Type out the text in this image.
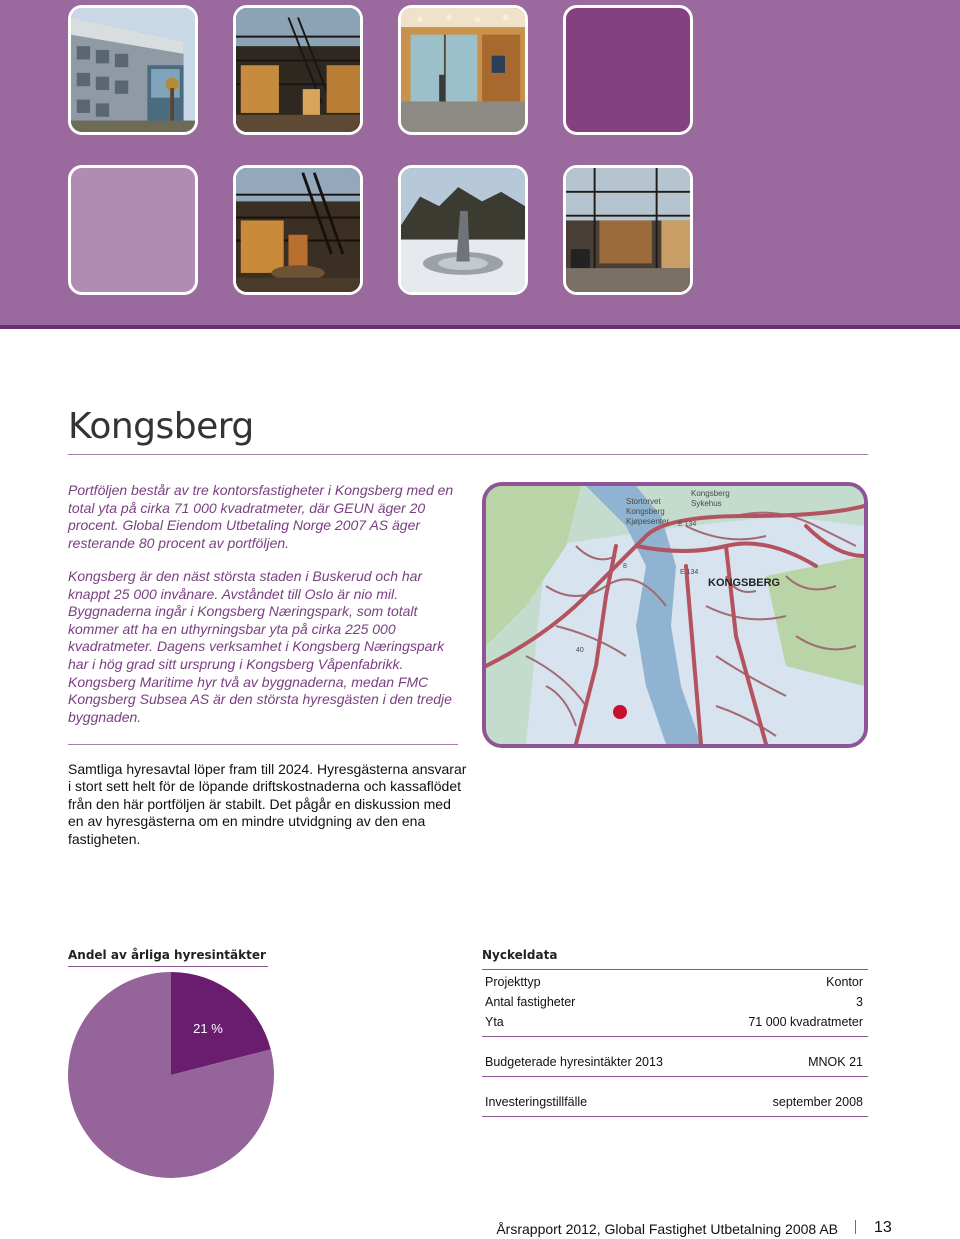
Kongsberg

Portföljen består av tre kontorsfastigheter i Kongsberg med en total yta på cirka 71 000 kvadratmeter, där GEUN äger 20 procent. Global Eiendom Utbetaling Norge 2007 AS äger resterande 80 procent av portföljen.

Kongsberg är den näst största staden i Buskerud och har knappt 25 000 invånare. Avståndet till Oslo är nio mil. Byggnaderna ingår i Kongsberg Næringspark, som totalt kommer att ha en uthyrningsbar yta på cirka 225 000 kvadratmeter. Dagens verksamhet i Kongsberg Næringspark har i hög grad sitt ursprung i Kongsberg Våpenfabrikk. Kongsberg Maritime hyr två av byggnaderna, medan FMC Kongsberg Subsea AS är den största hyresgästen i den tredje byggnaden.

Samtliga hyresavtal löper fram till 2024. Hyresgästerna ansvarar i stort sett helt för de löpande driftskostnaderna och kassaflödet från den här portföljen är stabilt. Det pågår en diskussion med en av hyresgästerna om en mindre utvidgning av den ena fastigheten.

Stortorvet Kongsberg Kjøpesenter
Kongsberg Sykehus
E 134
E 134
8
40
KONGSBERG
Andel av årliga hyresintäkter
21 %
Nyckeldata
Projekttyp	Kontor
Antal fastigheter	3
Yta	71 000 kvadratmeter
Budgeterade hyresintäkter 2013	MNOK 21
Investeringstillfälle	september 2008
Årsrapport 2012, Global Fastighet Utbetalning 2008 AB 13
